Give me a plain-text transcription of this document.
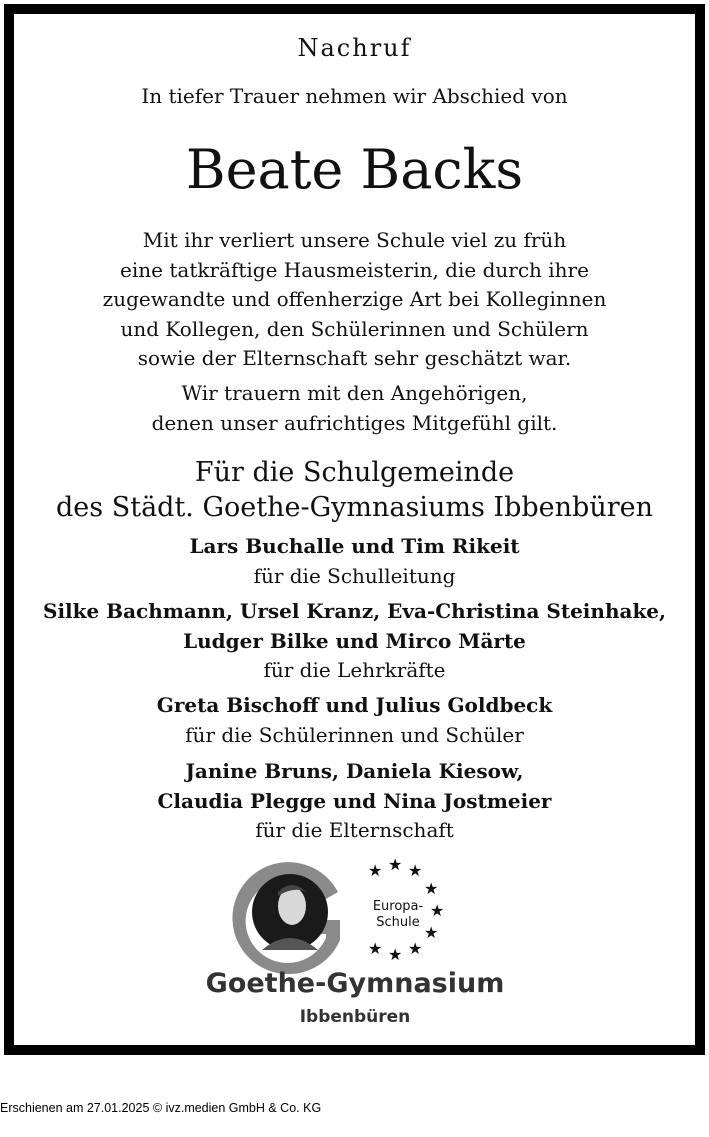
Nachruf
In tiefer Trauer nehmen wir Abschied von
Beate Backs
Mit ihr verliert unsere Schule viel zu früh
eine tatkräftige Hausmeisterin, die durch ihre
zugewandte und offenherzige Art bei Kolleginnen
und Kollegen, den Schülerinnen und Schülern
sowie der Elternschaft sehr geschätzt war.
Wir trauern mit den Angehörigen,
denen unser aufrichtiges Mitgefühl gilt.
Für die Schulgemeinde
des Städt. Goethe-Gymnasiums Ibbenbüren
Lars Buchalle und Tim Rikeit
für die Schulleitung
Silke Bachmann, Ursel Kranz, Eva-Christina Steinhake,
Ludger Bilke und Mirco Märte
für die Lehrkräfte
Greta Bischoff und Julius Goldbeck
für die Schülerinnen und Schüler
Janine Bruns, Daniela Kiesow,
Claudia Plegge und Nina Jostmeier
für die Elternschaft
★ ★ ★
★
★
★
★
★
★
Europa-
Schule
Goethe-Gymnasium
Ibbenbüren
Erschienen am 27.01.2025 © ivz.medien GmbH & Co. KG
